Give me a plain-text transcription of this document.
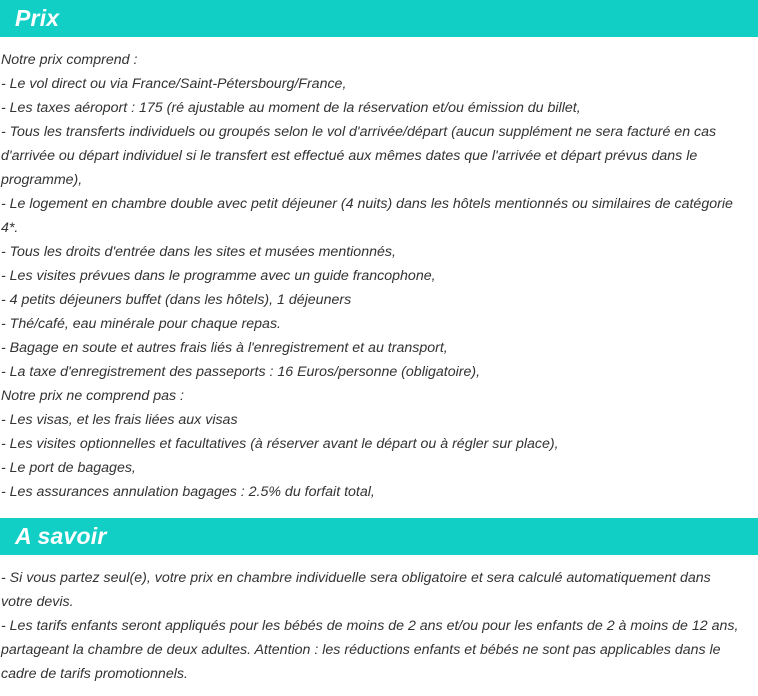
Prix
Notre prix comprend :
- Le vol direct ou via France/Saint-Pétersbourg/France,
- Les taxes aéroport : 175 (ré ajustable au moment de la réservation et/ou émission du billet,
- Tous les transferts individuels ou groupés selon le vol d'arrivée/départ (aucun supplément ne sera facturé en cas d'arrivée ou départ individuel si le transfert est effectué aux mêmes dates que l'arrivée et départ prévus dans le programme),
- Le logement en chambre double avec petit déjeuner (4 nuits) dans les hôtels mentionnés ou similaires de catégorie 4*.
- Tous les droits d'entrée dans les sites et musées mentionnés,
- Les visites prévues dans le programme avec un guide francophone,
- 4 petits déjeuners buffet (dans les hôtels), 1 déjeuners
- Thé/café, eau minérale pour chaque repas.
- Bagage en soute et autres frais liés à l'enregistrement et au transport,
- La taxe d'enregistrement des passeports : 16 Euros/personne (obligatoire),
Notre prix ne comprend pas :
- Les visas, et les frais liées aux visas
- Les visites optionnelles et facultatives (à réserver avant le départ ou à régler sur place),
- Le port de bagages,
- Les assurances annulation bagages : 2.5% du forfait total,
A savoir
- Si vous partez seul(e), votre prix en chambre individuelle sera obligatoire et sera calculé automatiquement dans votre devis.
- Les tarifs enfants seront appliqués pour les bébés de moins de 2 ans et/ou pour les enfants de 2 à moins de 12 ans, partageant la chambre de deux adultes. Attention : les réductions enfants et bébés ne sont pas applicables dans le cadre de tarifs promotionnels.
